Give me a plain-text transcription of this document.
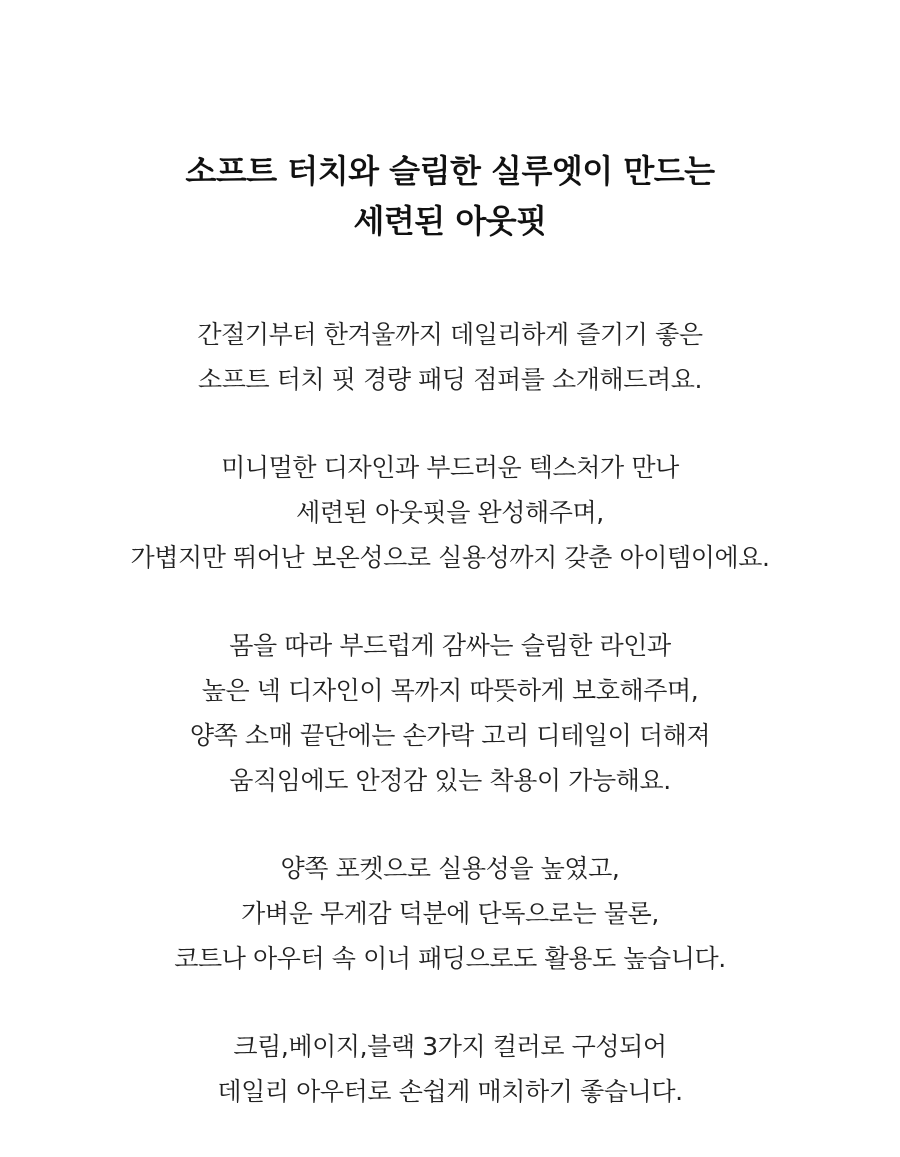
소프트 터치와 슬림한 실루엣이 만드는
세련된 아웃핏
간절기부터 한겨울까지 데일리하게 즐기기 좋은
소프트 터치 핏 경량 패딩 점퍼를 소개해드려요.
미니멀한 디자인과 부드러운 텍스처가 만나
세련된 아웃핏을 완성해주며,
가볍지만 뛰어난 보온성으로 실용성까지 갖춘 아이템이에요.
몸을 따라 부드럽게 감싸는 슬림한 라인과
높은 넥 디자인이 목까지 따뜻하게 보호해주며,
양쪽 소매 끝단에는 손가락 고리 디테일이 더해져
움직임에도 안정감 있는 착용이 가능해요.
양쪽 포켓으로 실용성을 높였고,
가벼운 무게감 덕분에 단독으로는 물론,
코트나 아우터 속 이너 패딩으로도 활용도 높습니다.
크림,베이지,블랙 3가지 컬러로 구성되어
데일리 아우터로 손쉽게 매치하기 좋습니다.
